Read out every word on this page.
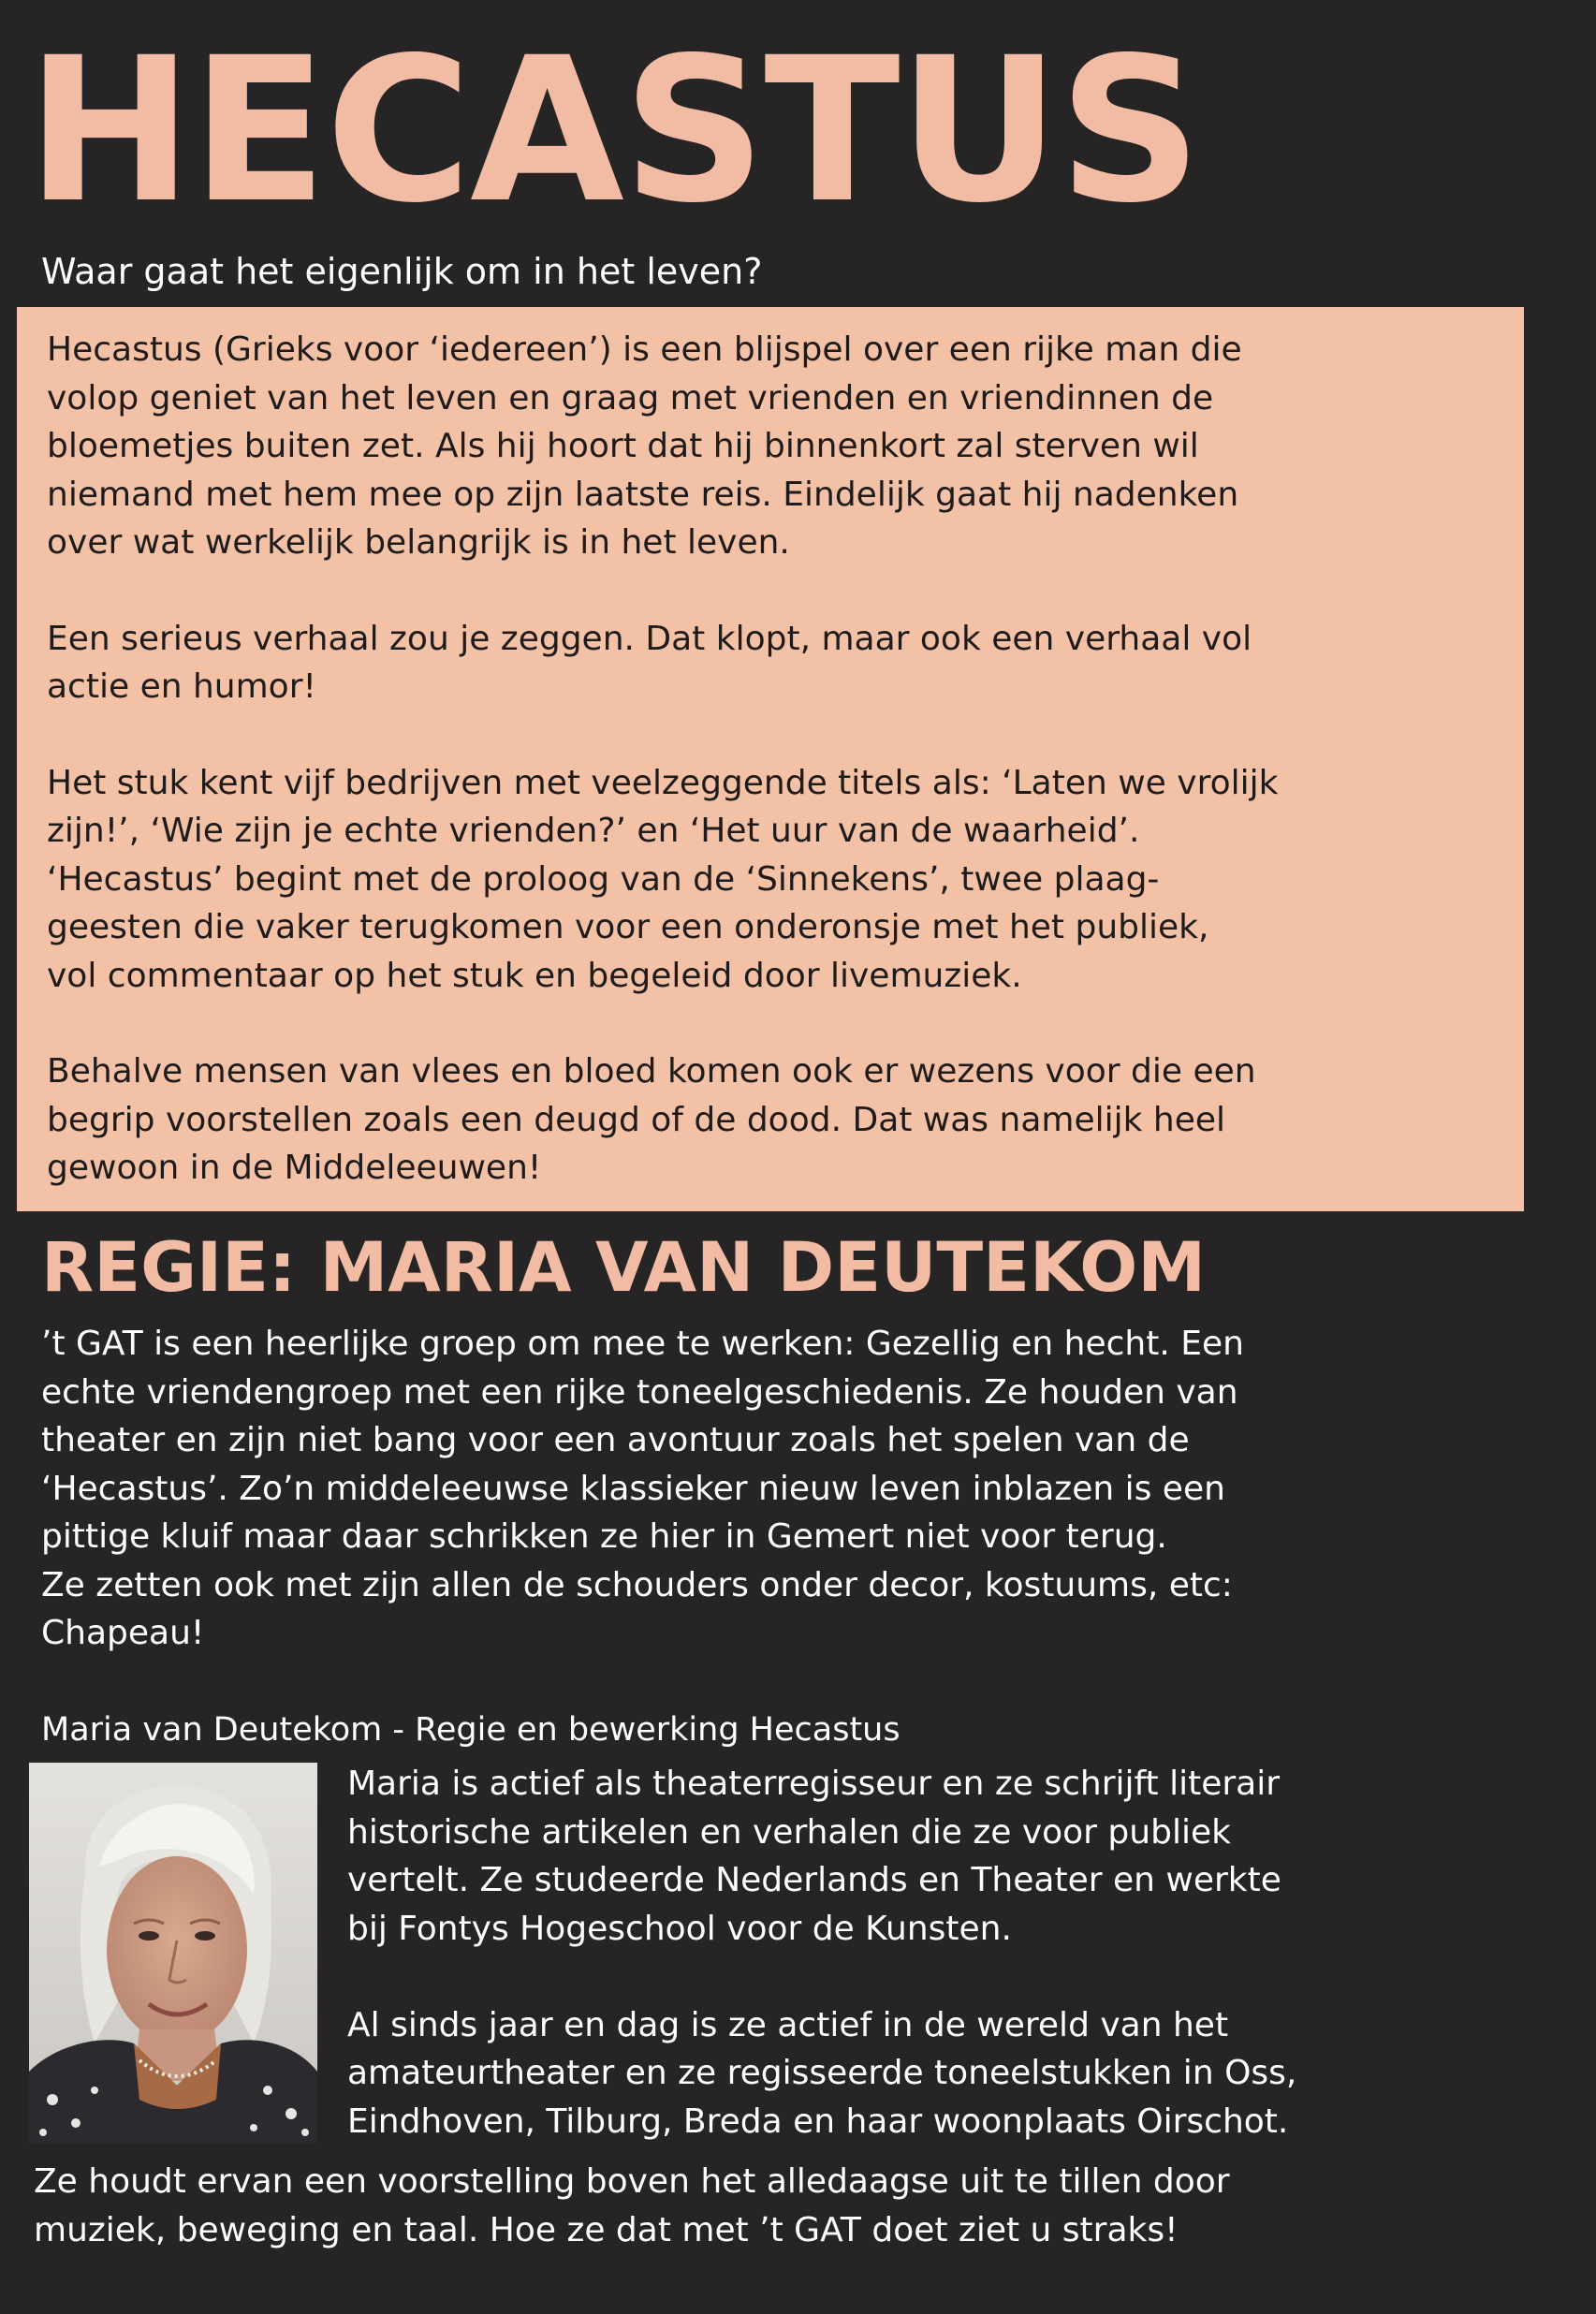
HECASTUS
Waar gaat het eigenlijk om in het leven?

Hecastus (Grieks voor ‘iedereen’) is een blijspel over een rijke man die
volop geniet van het leven en graag met vrienden en vriendinnen de
bloemetjes buiten zet. Als hij hoort dat hij binnenkort zal sterven wil
niemand met hem mee op zijn laatste reis. Eindelijk gaat hij nadenken
over wat werkelijk belangrijk is in het leven.

Een serieus verhaal zou je zeggen. Dat klopt, maar ook een verhaal vol
actie en humor!

Het stuk kent vijf bedrijven met veelzeggende titels als: ‘Laten we vrolijk
zijn!’, ‘Wie zijn je echte vrienden?’ en ‘Het uur van de waarheid’.
‘Hecastus’ begint met de proloog van de ‘Sinnekens’, twee plaag-
geesten die vaker terugkomen voor een onderonsje met het publiek,
vol commentaar op het stuk en begeleid door livemuziek.

Behalve mensen van vlees en bloed komen ook er wezens voor die een
begrip voorstellen zoals een deugd of de dood. Dat was namelijk heel
gewoon in de Middeleeuwen!

REGIE: MARIA VAN DEUTEKOM

’t GAT is een heerlijke groep om mee te werken: Gezellig en hecht. Een
echte vriendengroep met een rijke toneelgeschiedenis. Ze houden van
theater en zijn niet bang voor een avontuur zoals het spelen van de
‘Hecastus’. Zo’n middeleeuwse klassieker nieuw leven inblazen is een
pittige kluif maar daar schrikken ze hier in Gemert niet voor terug.
Ze zetten ook met zijn allen de schouders onder decor, kostuums, etc:
Chapeau!

Maria van Deutekom - Regie en bewerking Hecastus

Maria is actief als theaterregisseur en ze schrijft literair
historische artikelen en verhalen die ze voor publiek
vertelt. Ze studeerde Nederlands en Theater en werkte
bij Fontys Hogeschool voor de Kunsten.

Al sinds jaar en dag is ze actief in de wereld van het
amateurtheater en ze regisseerde toneelstukken in Oss,
Eindhoven, Tilburg, Breda en haar woonplaats Oirschot.

Ze houdt ervan een voorstelling boven het alledaagse uit te tillen door
muziek, beweging en taal. Hoe ze dat met ’t GAT doet ziet u straks!
